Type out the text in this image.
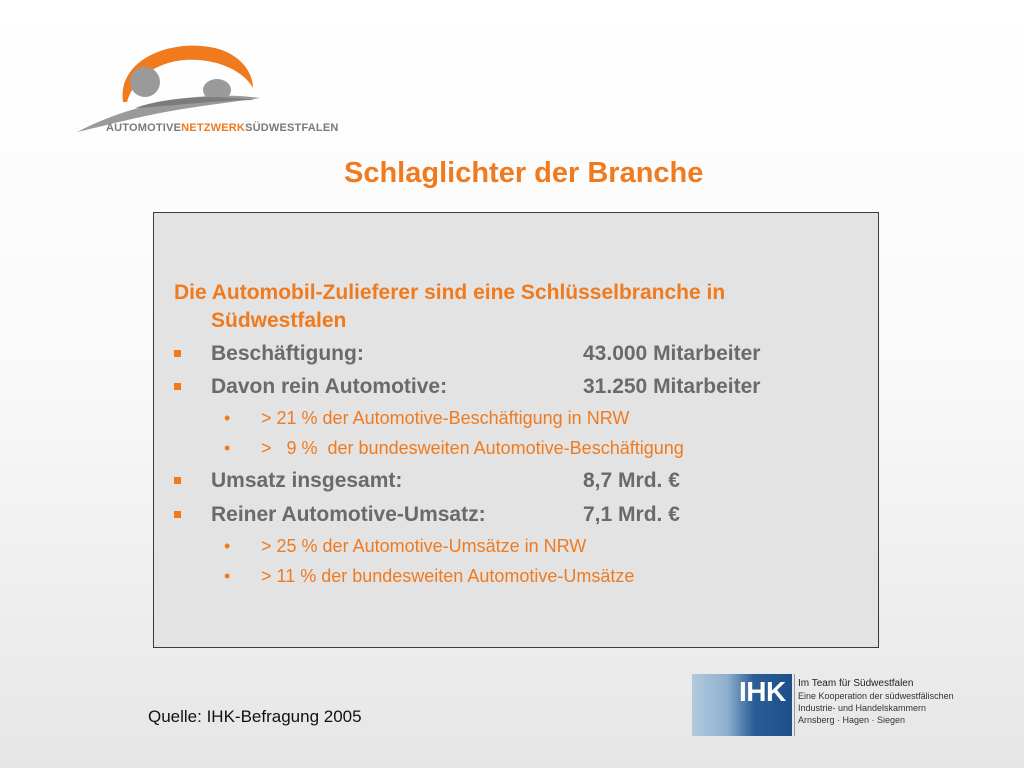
AUTOMOTIVENETZWERKSÜDWESTFALEN
Schlaglichter der Branche
Die Automobil-Zulieferer sind eine Schlüsselbranche in
Südwestfalen
Beschäftigung:	43.000 Mitarbeiter
Davon rein Automotive:	31.250 Mitarbeiter
• > 21 % der Automotive-Beschäftigung in NRW
• >   9 %  der bundesweiten Automotive-Beschäftigung
Umsatz insgesamt:	8,7 Mrd. €
Reiner Automotive-Umsatz:	7,1 Mrd. €
• > 25 % der Automotive-Umsätze in NRW
• > 11 % der bundesweiten Automotive-Umsätze
Quelle: IHK-Befragung 2005
IHK Im Team für Südwestfalen
Eine Kooperation der südwestfälischen
Industrie- und Handelskammern
Arnsberg · Hagen · Siegen
